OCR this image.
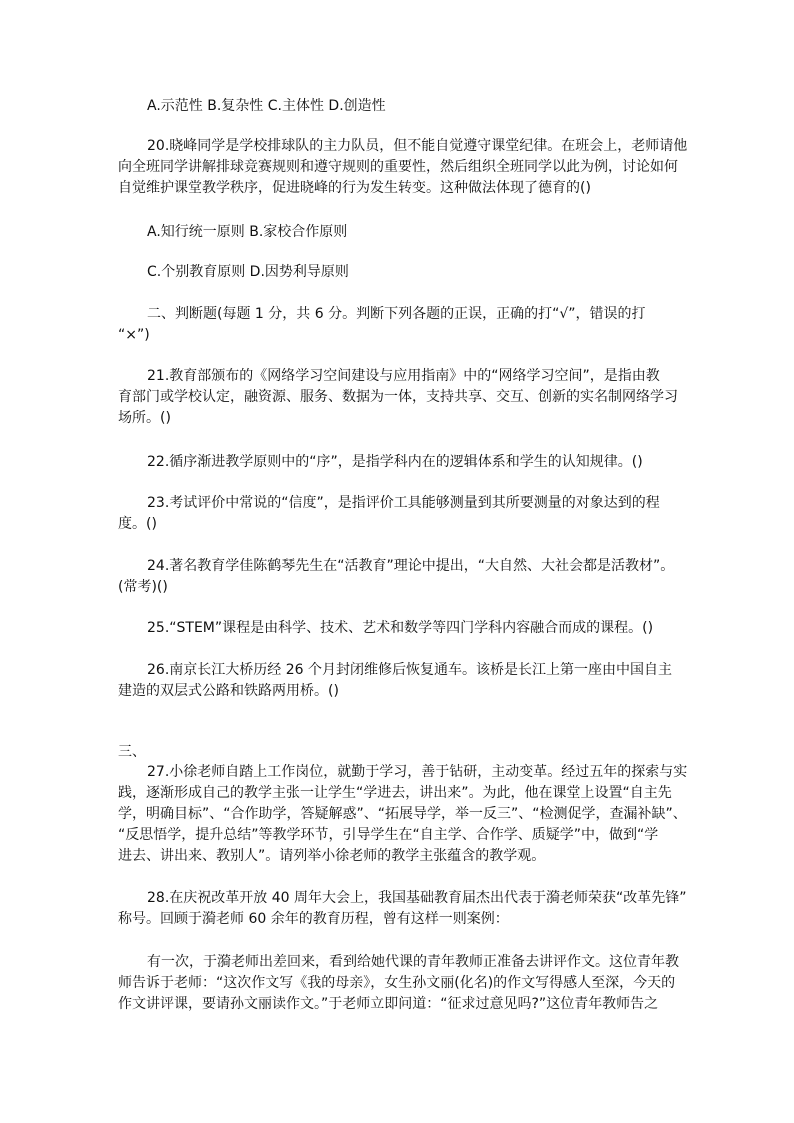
A.示范性 B.复杂性 C.主体性 D.创造性
20.晓峰同学是学校排球队的主力队员，但不能自觉遵守课堂纪律。在班会上，老师请他
向全班同学讲解排球竞赛规则和遵守规则的重要性，然后组织全班同学以此为例，讨论如何
自觉维护课堂教学秩序，促进晓峰的行为发生转变。这种做法体现了德育的()
A.知行统一原则 B.家校合作原则
C.个别教育原则 D.因势利导原则
二、判断题(每题 1 分，共 6 分。判断下列各题的正误，正确的打“√”，错误的打
“×”)
21.教育部颁布的《网络学习空间建设与应用指南》中的“网络学习空间”，是指由教
育部门或学校认定，融资源、服务、数据为一体，支持共享、交互、创新的实名制网络学习
场所。()
22.循序渐进教学原则中的“序”，是指学科内在的逻辑体系和学生的认知规律。()
23.考试评价中常说的“信度”，是指评价工具能够测量到其所要测量的对象达到的程
度。()
24.著名教育学佳陈鹤琴先生在“活教育”理论中提出，“大自然、大社会都是活教材”。
(常考)()
25.“STEM”课程是由科学、技术、艺术和数学等四门学科内容融合而成的课程。()
26.南京长江大桥历经 26 个月封闭维修后恢复通车。该桥是长江上第一座由中国自主
建造的双层式公路和铁路两用桥。()
三、
27.小徐老师自踏上工作岗位，就勤于学习，善于钻研，主动变革。经过五年的探索与实
践，逐渐形成自己的教学主张一让学生“学进去，讲出来”。为此，他在课堂上设置“自主先
学，明确目标”、“合作助学，答疑解惑”、“拓展导学，举一反三”、“检测促学，查漏补缺”、
“反思悟学，提升总结”等教学环节，引导学生在“自主学、合作学、质疑学”中，做到“学
进去、讲出来、教别人”。请列举小徐老师的教学主张蕴含的教学观。
28.在庆祝改革开放 40 周年大会上，我国基础教育届杰出代表于漪老师荣获“改革先锋”
称号。回顾于漪老师 60 余年的教育历程，曾有这样一则案例：
有一次，于漪老师出差回来，看到给她代课的青年教师正准备去讲评作文。这位青年教
师告诉于老师：“这次作文写《我的母亲》，女生孙文丽(化名)的作文写得感人至深，今天的
作文讲评课，要请孙文丽读作文。”于老师立即问道：“征求过意见吗?”这位青年教师告之
